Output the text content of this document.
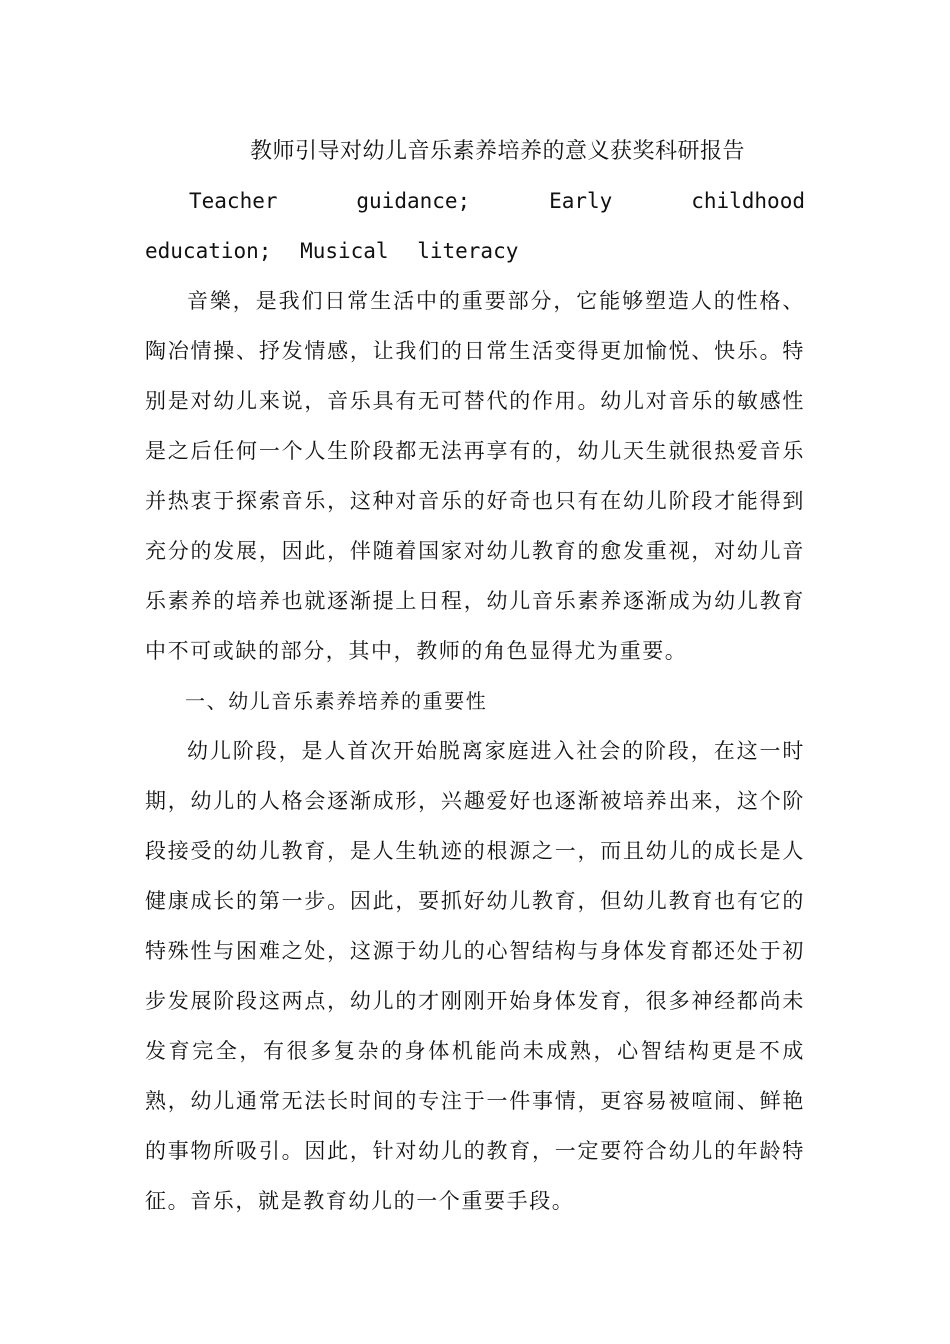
教师引导对幼儿音乐素养培养的意义获奖科研报告

Teacher guidance; Early childhood education; Musical literacy

音樂，是我们日常生活中的重要部分，它能够塑造人的性格、陶冶情操、抒发情感，让我们的日常生活变得更加愉悦、快乐。特别是对幼儿来说，音乐具有无可替代的作用。幼儿对音乐的敏感性是之后任何一个人生阶段都无法再享有的，幼儿天生就很热爱音乐并热衷于探索音乐，这种对音乐的好奇也只有在幼儿阶段才能得到充分的发展，因此，伴随着国家对幼儿教育的愈发重视，对幼儿音乐素养的培养也就逐渐提上日程，幼儿音乐素养逐渐成为幼儿教育中不可或缺的部分，其中，教师的角色显得尤为重要。

一、幼儿音乐素养培养的重要性

幼儿阶段，是人首次开始脱离家庭进入社会的阶段，在这一时期，幼儿的人格会逐渐成形，兴趣爱好也逐渐被培养出来，这个阶段接受的幼儿教育，是人生轨迹的根源之一，而且幼儿的成长是人健康成长的第一步。因此，要抓好幼儿教育，但幼儿教育也有它的特殊性与困难之处，这源于幼儿的心智结构与身体发育都还处于初步发展阶段这两点，幼儿的才刚刚开始身体发育，很多神经都尚未发育完全，有很多复杂的身体机能尚未成熟，心智结构更是不成熟，幼儿通常无法长时间的专注于一件事情，更容易被喧闹、鲜艳的事物所吸引。因此，针对幼儿的教育，一定要符合幼儿的年龄特征。音乐，就是教育幼儿的一个重要手段。
